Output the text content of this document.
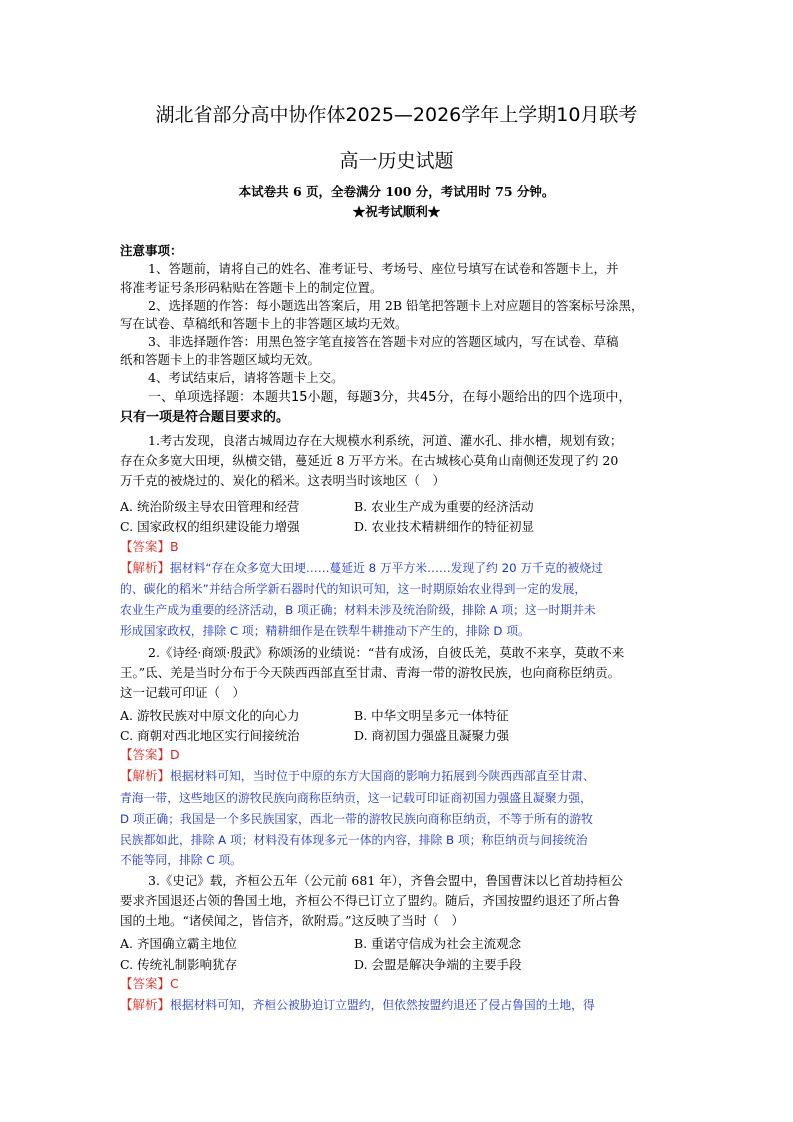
湖北省部分高中协作体2025—2026学年上学期10月联考
高一历史试题
本试卷共 6 页，全卷满分 100 分，考试用时 75 分钟。
★祝考试顺利★
注意事项：
1、答题前，请将自己的姓名、准考证号、考场号、座位号填写在试卷和答题卡上，并
将准考证号条形码粘贴在答题卡上的制定位置。
2、选择题的作答：每小题选出答案后，用 2B 铅笔把答题卡上对应题目的答案标号涂黑，
写在试卷、草稿纸和答题卡上的非答题区域均无效。
3、非选择题作答：用黑色签字笔直接答在答题卡对应的答题区域内，写在试卷、草稿
纸和答题卡上的非答题区域均无效。
4、考试结束后，请将答题卡上交。
一、单项选择题：本题共15小题，每题3分，共45分，在每小题给出的四个选项中，
只有一项是符合题目要求的。
1.考古发现，良渚古城周边存在大规模水利系统，河道、灌水孔、排水槽，规划有致；
存在众多宽大田埂，纵横交错，蔓延近 8 万平方米。在古城核心莫角山南侧还发现了约 20
万千克的被烧过的、炭化的稻米。这表明当时该地区（　）
A. 统治阶级主导农田管理和经营	B. 农业生产成为重要的经济活动
C. 国家政权的组织建设能力增强	D. 农业技术精耕细作的特征初显
【答案】B
【解析】据材料“存在众多宽大田埂……蔓延近 8 万平方米……发现了约 20 万千克的被烧过
的、碳化的稻米”并结合所学新石器时代的知识可知，这一时期原始农业得到一定的发展，
农业生产成为重要的经济活动，B 项正确；材料未涉及统治阶级，排除 A 项；这一时期并未
形成国家政权，排除 C 项；精耕细作是在铁犁牛耕推动下产生的，排除 D 项。
2.《诗经·商颂·殷武》称颂汤的业绩说：“昔有成汤，自彼氐羌，莫敢不来享，莫敢不来
王。”氐、羌是当时分布于今天陕西西部直至甘肃、青海一带的游牧民族，也向商称臣纳贡。
这一记载可印证（　）
A. 游牧民族对中原文化的向心力	B. 中华文明呈多元一体特征
C. 商朝对西北地区实行间接统治	D. 商初国力强盛且凝聚力强
【答案】D
【解析】根据材料可知，当时位于中原的东方大国商的影响力拓展到今陕西西部直至甘肃、
青海一带，这些地区的游牧民族向商称臣纳贡，这一记载可印证商初国力强盛且凝聚力强，
D 项正确；我国是一个多民族国家，西北一带的游牧民族向商称臣纳贡，不等于所有的游牧
民族都如此，排除 A 项；材料没有体现多元一体的内容，排除 B 项；称臣纳贡与间接统治
不能等同，排除 C 项。
3.《史记》载，齐桓公五年（公元前 681 年），齐鲁会盟中，鲁国曹沫以匕首劫持桓公
要求齐国退还占领的鲁国土地，齐桓公不得已订立了盟约。随后，齐国按盟约退还了所占鲁
国的土地。“诸侯闻之，皆信齐，欲附焉。”这反映了当时（　）
A. 齐国确立霸主地位	B. 重诺守信成为社会主流观念
C. 传统礼制影响犹存	D. 会盟是解决争端的主要手段
【答案】C
【解析】根据材料可知，齐桓公被胁迫订立盟约，但依然按盟约退还了侵占鲁国的土地，得
